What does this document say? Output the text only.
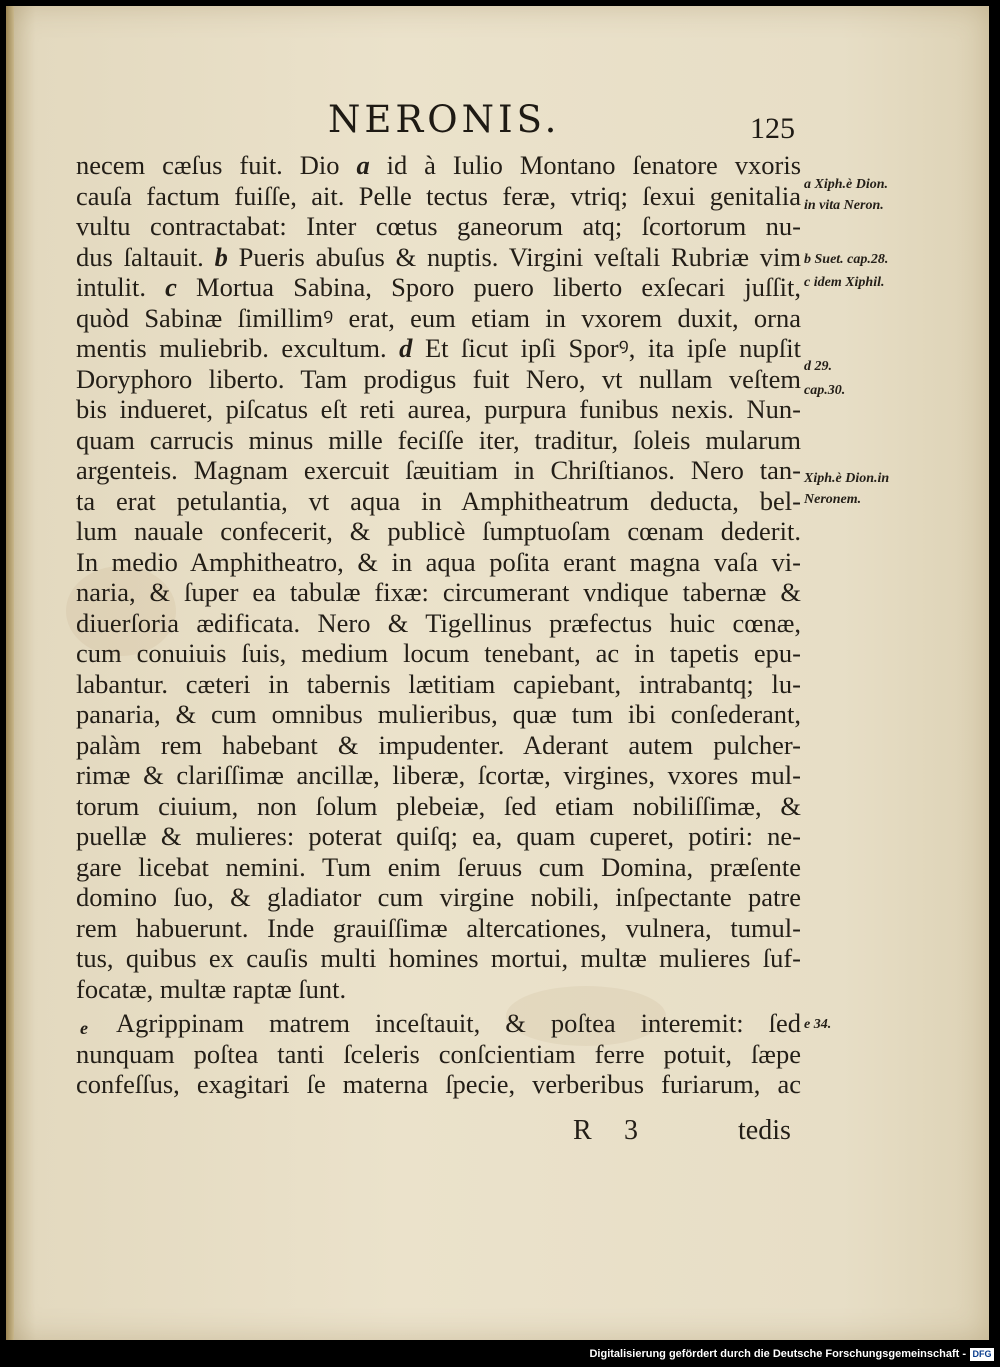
NERONIS.	125
necem cæſus fuit. Dio a id à Iulio Montano ſenatore vxoris
cauſa factum fuiſſe, ait. Pelle tectus feræ, vtriq; ſexui genitalia
vultu contractabat: Inter cœtus ganeorum atq; ſcortorum nu-
dus ſaltauit. b Pueris abuſus & nuptis. Virgini veſtali Rubriæ vim
intulit. c Mortua Sabina, Sporo puero liberto exſecari juſſit,
quòd Sabinæ ſimillimꝰ erat, eum etiam in vxorem duxit, orna
mentis muliebrib. excultum. d Et ſicut ipſi Sporꝰ, ita ipſe nupſit
Doryphoro liberto. Tam prodigus fuit Nero, vt nullam veſtem
bis indueret, piſcatus eſt reti aurea, purpura funibus nexis. Nun-
quam carrucis minus mille feciſſe iter, traditur, ſoleis mularum
argenteis. Magnam exercuit ſæuitiam in Chriſtianos. Nero tan-
ta erat petulantia, vt aqua in Amphitheatrum deducta, bel-
lum nauale confecerit, & publicè ſumptuoſam cœnam dederit.
In medio Amphitheatro, & in aqua poſita erant magna vaſa vi-
naria, & ſuper ea tabulæ fixæ: circumerant vndique tabernæ &
diuerſoria ædificata. Nero & Tigellinus præfectus huic cœnæ,
cum conuiuis ſuis, medium locum tenebant, ac in tapetis epu-
labantur. cæteri in tabernis lætitiam capiebant, intrabantq; lu-
panaria, & cum omnibus mulieribus, quæ tum ibi conſederant,
palàm rem habebant & impudenter. Aderant autem pulcher-
rimæ & clariſſimæ ancillæ, liberæ, ſcortæ, virgines, vxores mul-
torum ciuium, non ſolum plebeiæ, ſed etiam nobiliſſimæ, &
puellæ & mulieres: poterat quiſq; ea, quam cuperet, potiri: ne-
gare licebat nemini. Tum enim ſeruus cum Domina, præſente
domino ſuo, & gladiator cum virgine nobili, inſpectante patre
rem habuerunt. Inde grauiſſimæ altercationes, vulnera, tumul-
tus, quibus ex cauſis multi homines mortui, multæ mulieres ſuf-
focatæ, multæ raptæ ſunt.
Agrippinam matrem inceſtauit, & poſtea interemit: ſed
nunquam poſtea tanti ſceleris conſcientiam ferre potuit, ſæpe
confeſſus, exagitari ſe materna ſpecie, verberibus furiarum, ac
e
a Xiph.è Dion.
in vita Neron.
b Suet. cap.28.
c idem Xiphil.
d 29.
cap.30.
Xiph.è Dion.in
Neronem.
e 34.
R 3	tedis
Digitalisierung gefördert durch die Deutsche Forschungsgemeinschaft - DFG
